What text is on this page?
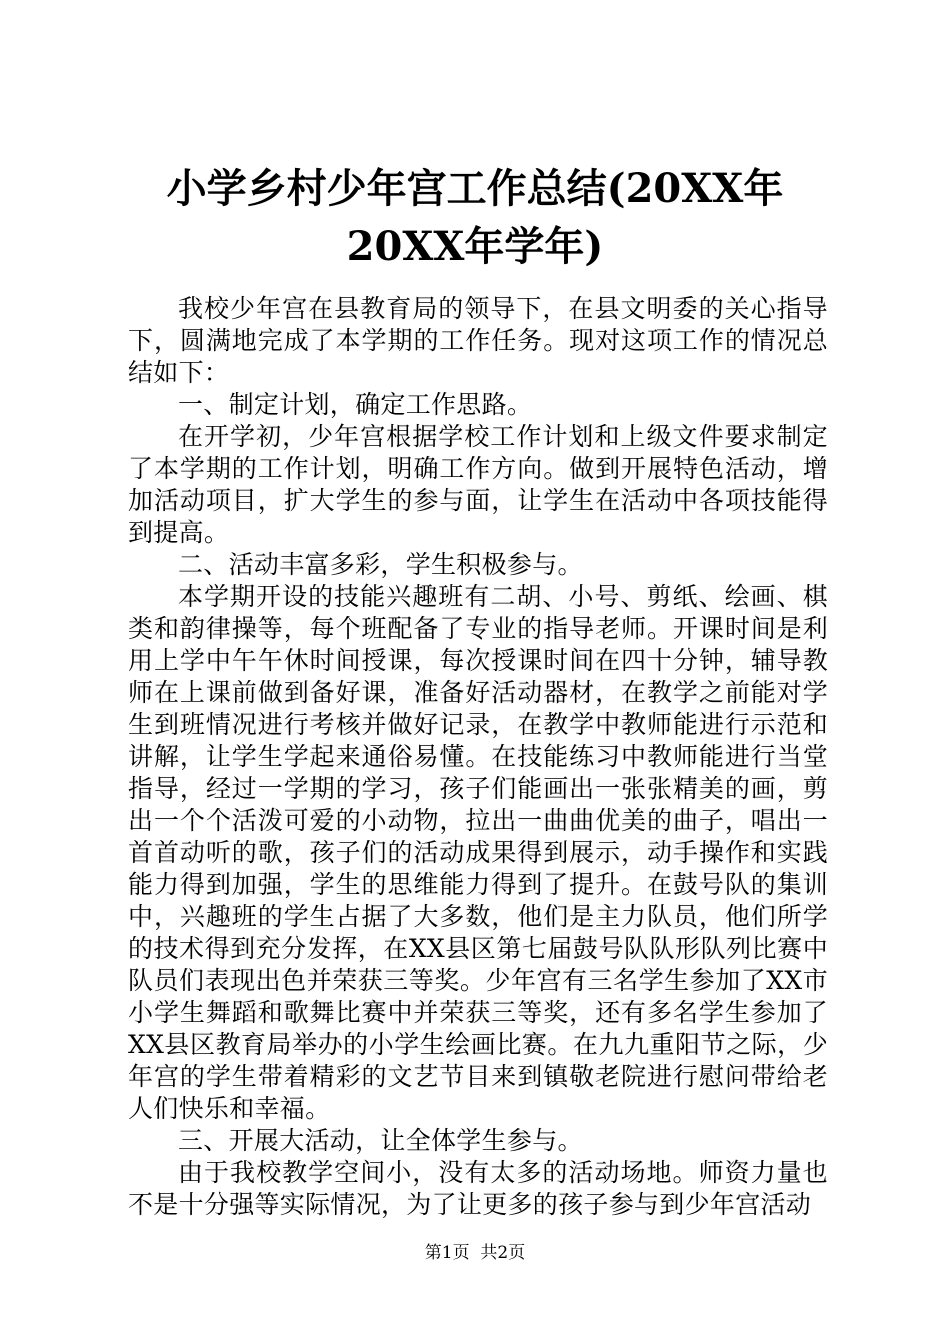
小学乡村少年宫工作总结(20XX年20XX年学年)

我校少年宫在县教育局的领导下，在县文明委的关心指导下，圆满地完成了本学期的工作任务。现对这项工作的情况总结如下：

一、制定计划，确定工作思路。

在开学初，少年宫根据学校工作计划和上级文件要求制定了本学期的工作计划，明确工作方向。做到开展特色活动，增加活动项目，扩大学生的参与面，让学生在活动中各项技能得到提高。

二、活动丰富多彩，学生积极参与。

本学期开设的技能兴趣班有二胡、小号、剪纸、绘画、棋类和韵律操等，每个班配备了专业的指导老师。开课时间是利用上学中午午休时间授课，每次授课时间在四十分钟，辅导教师在上课前做到备好课，准备好活动器材，在教学之前能对学生到班情况进行考核并做好记录，在教学中教师能进行示范和讲解，让学生学起来通俗易懂。在技能练习中教师能进行当堂指导，经过一学期的学习，孩子们能画出一张张精美的画，剪出一个个活泼可爱的小动物，拉出一曲曲优美的曲子，唱出一首首动听的歌，孩子们的活动成果得到展示，动手操作和实践能力得到加强，学生的思维能力得到了提升。在鼓号队的集训中，兴趣班的学生占据了大多数，他们是主力队员，他们所学的技术得到充分发挥，在XX县区第七届鼓号队队形队列比赛中队员们表现出色并荣获三等奖。少年宫有三名学生参加了XX市小学生舞蹈和歌舞比赛中并荣获三等奖，还有多名学生参加了XX县区教育局举办的小学生绘画比赛。在九九重阳节之际，少年宫的学生带着精彩的文艺节目来到镇敬老院进行慰问带给老人们快乐和幸福。

三、开展大活动，让全体学生参与。

由于我校教学空间小，没有太多的活动场地。师资力量也不是十分强等实际情况，为了让更多的孩子参与到少年宫活动

第1页 共2页
